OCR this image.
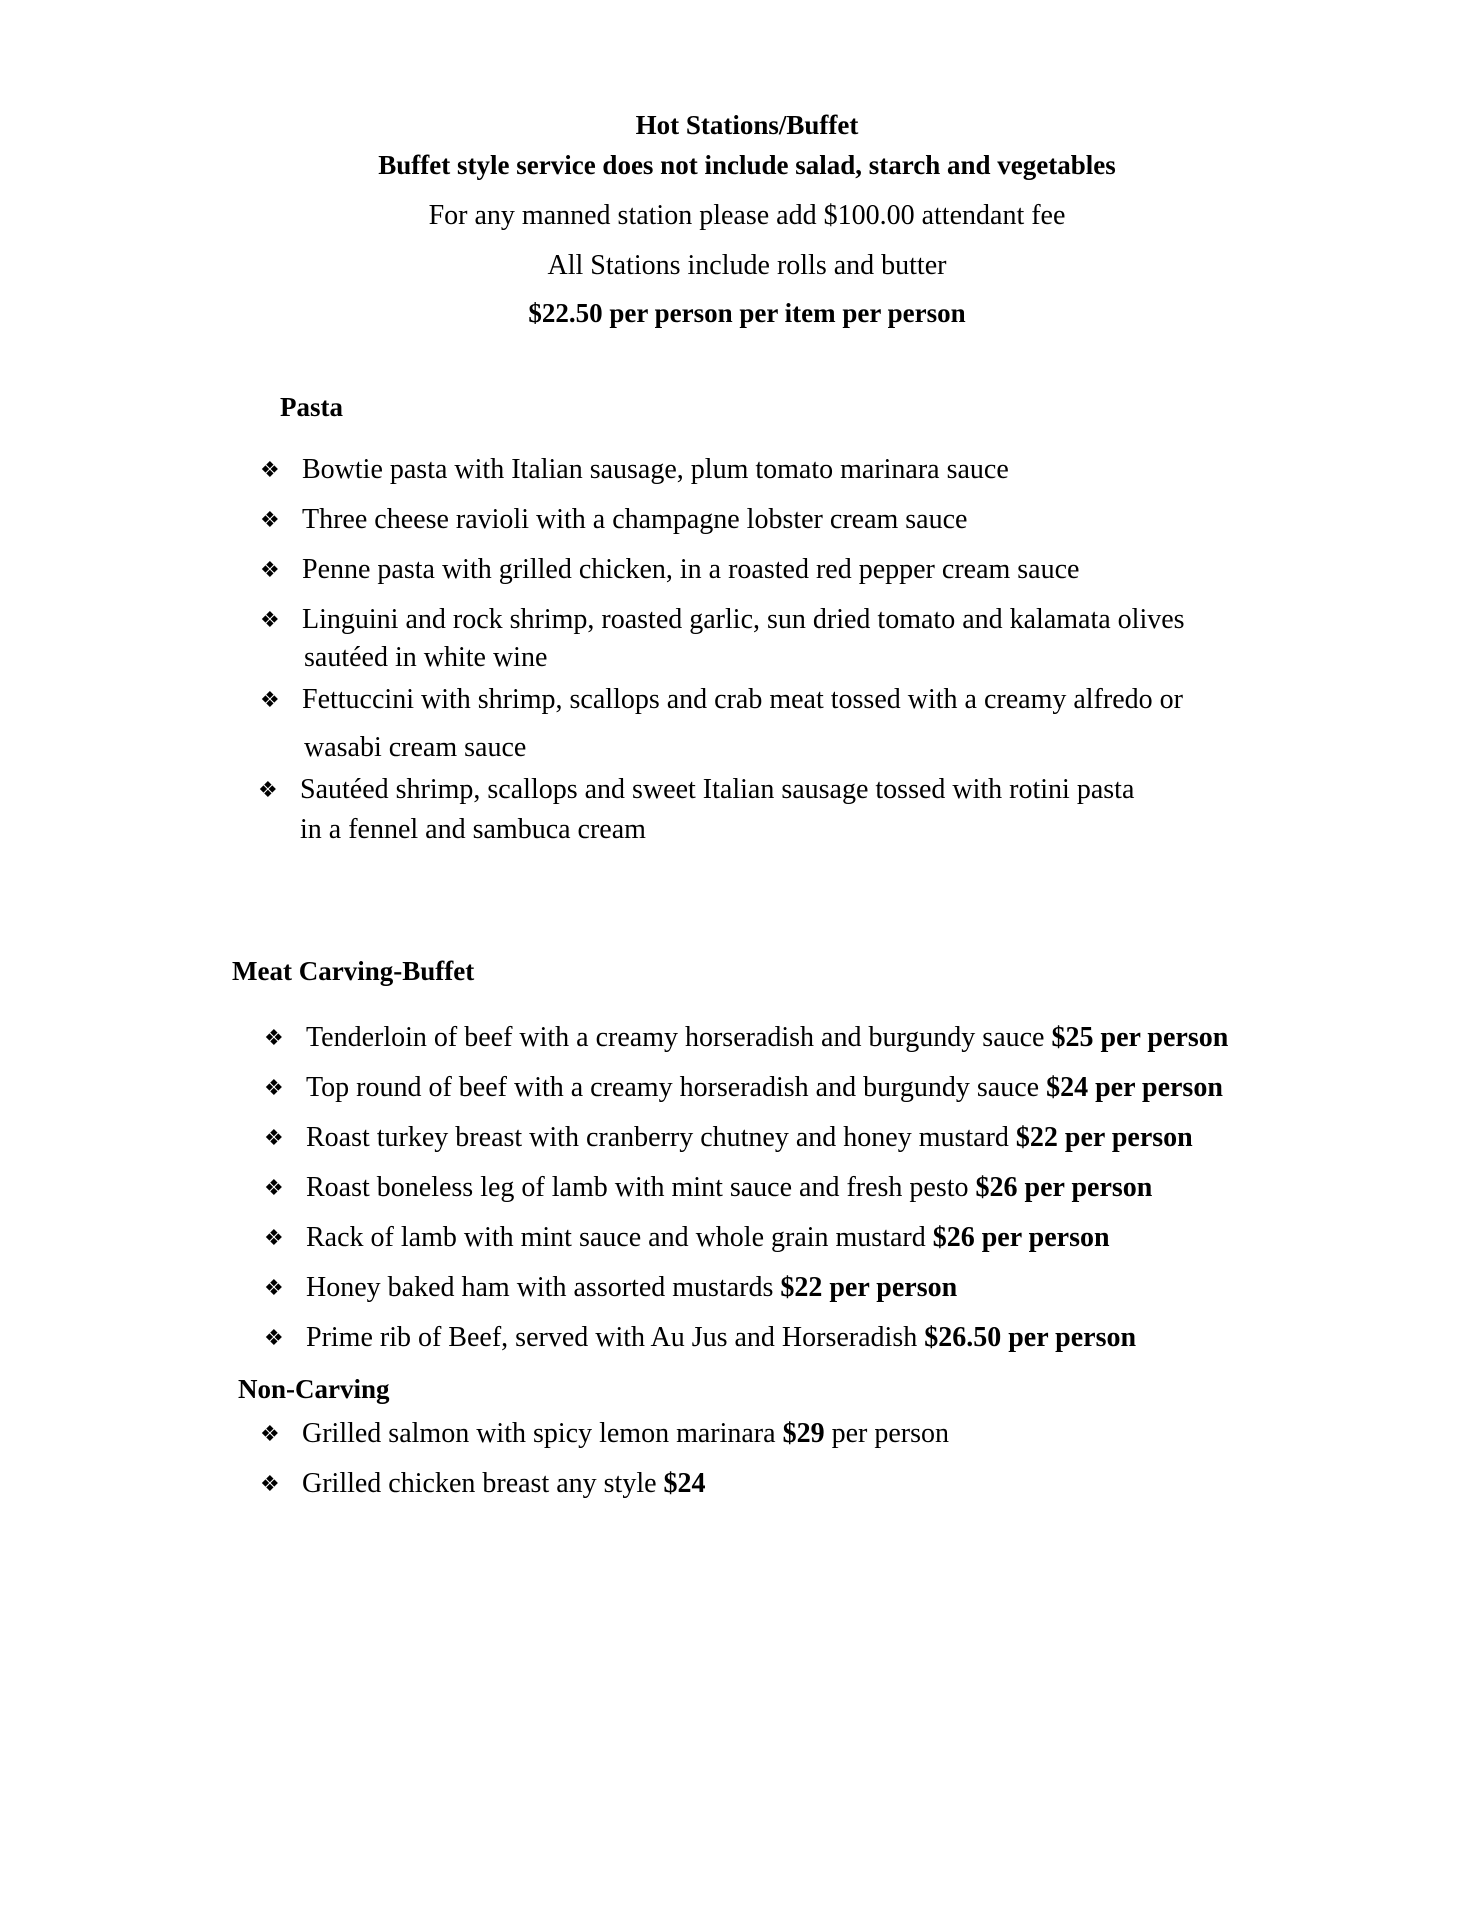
Hot Stations/Buffet
Buffet style service does not include salad, starch and vegetables
For any manned station please add $100.00 attendant fee
All Stations include rolls and butter
$22.50 per person per item per person
Pasta
❖ Bowtie pasta with Italian sausage, plum tomato marinara sauce
❖ Three cheese ravioli with a champagne lobster cream sauce
❖ Penne pasta with grilled chicken, in a roasted red pepper cream sauce
❖ Linguini and rock shrimp, roasted garlic, sun dried tomato and kalamata olives
sautéed in white wine
❖ Fettuccini with shrimp, scallops and crab meat tossed with a creamy alfredo or
wasabi cream sauce
❖ Sautéed shrimp, scallops and sweet Italian sausage tossed with rotini pasta
in a fennel and sambuca cream
Meat Carving-Buffet
❖ Tenderloin of beef with a creamy horseradish and burgundy sauce $25 per person
❖ Top round of beef with a creamy horseradish and burgundy sauce $24 per person
❖ Roast turkey breast with cranberry chutney and honey mustard $22 per person
❖ Roast boneless leg of lamb with mint sauce and fresh pesto $26 per person
❖ Rack of lamb with mint sauce and whole grain mustard $26 per person
❖ Honey baked ham with assorted mustards $22 per person
❖ Prime rib of Beef, served with Au Jus and Horseradish $26.50 per person
Non-Carving
❖ Grilled salmon with spicy lemon marinara $29 per person
❖ Grilled chicken breast any style $24
